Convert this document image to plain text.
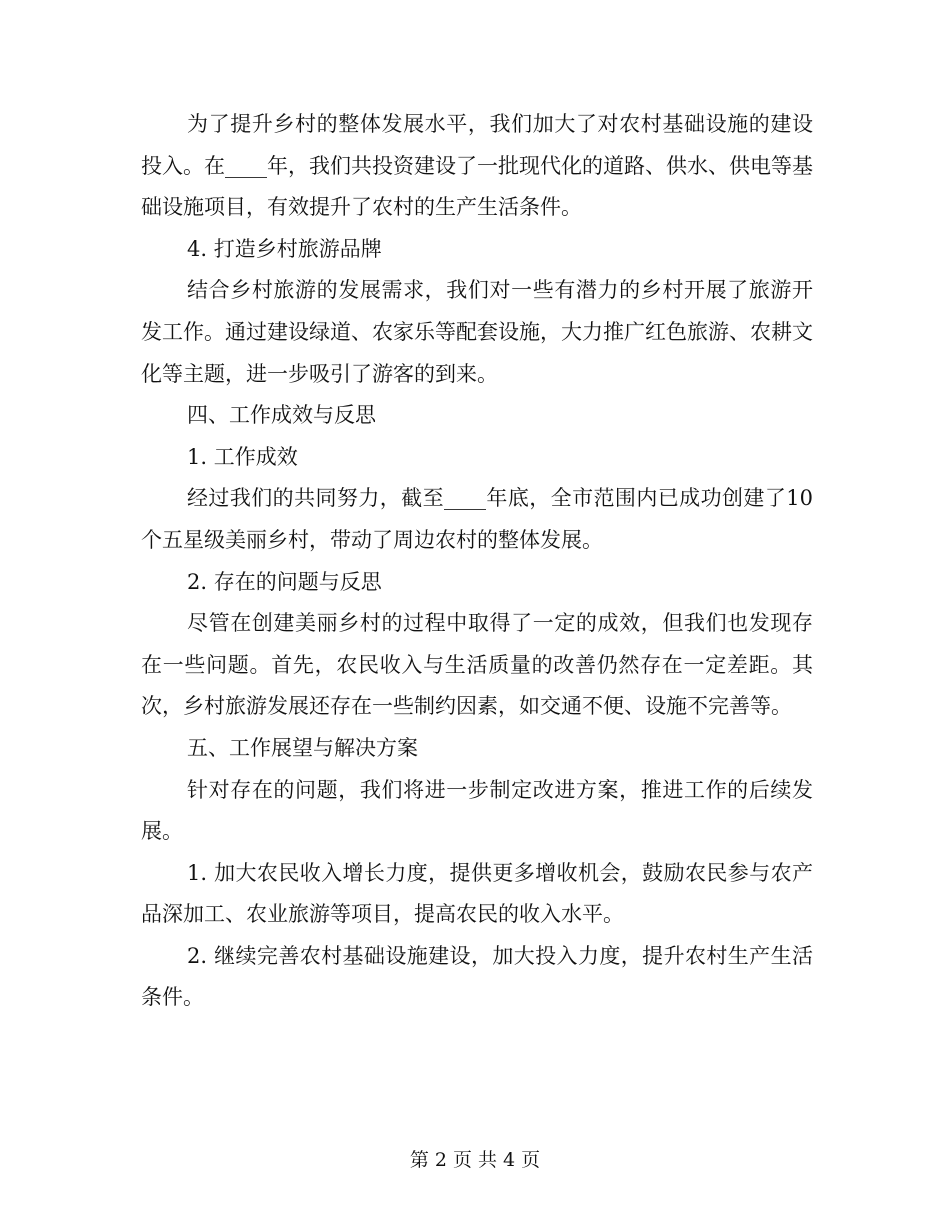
为了提升乡村的整体发展水平，我们加大了对农村基础设施的建设投入。在____年，我们共投资建设了一批现代化的道路、供水、供电等基础设施项目，有效提升了农村的生产生活条件。

4. 打造乡村旅游品牌

结合乡村旅游的发展需求，我们对一些有潜力的乡村开展了旅游开发工作。通过建设绿道、农家乐等配套设施，大力推广红色旅游、农耕文化等主题，进一步吸引了游客的到来。

四、工作成效与反思

1. 工作成效

经过我们的共同努力，截至____年底，全市范围内已成功创建了10个五星级美丽乡村，带动了周边农村的整体发展。

2. 存在的问题与反思

尽管在创建美丽乡村的过程中取得了一定的成效，但我们也发现存在一些问题。首先，农民收入与生活质量的改善仍然存在一定差距。其次，乡村旅游发展还存在一些制约因素，如交通不便、设施不完善等。

五、工作展望与解决方案

针对存在的问题，我们将进一步制定改进方案，推进工作的后续发展。

1. 加大农民收入增长力度，提供更多增收机会，鼓励农民参与农产品深加工、农业旅游等项目，提高农民的收入水平。

2. 继续完善农村基础设施建设，加大投入力度，提升农村生产生活条件。

第 2 页 共 4 页
